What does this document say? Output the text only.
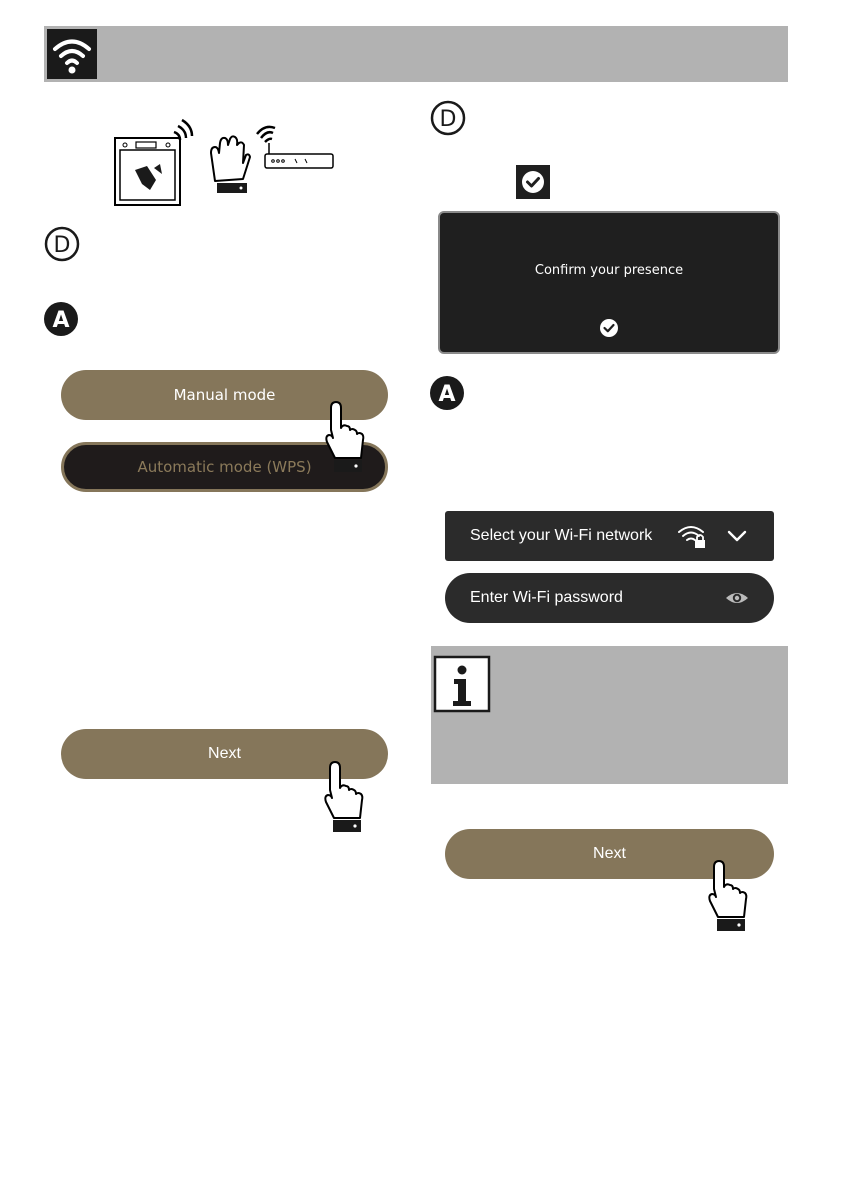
D
A
Manual mode
Automatic mode (WPS)
Next
D
Confirm your presence
A
Select your Wi-Fi network
Enter Wi-Fi password
Next
